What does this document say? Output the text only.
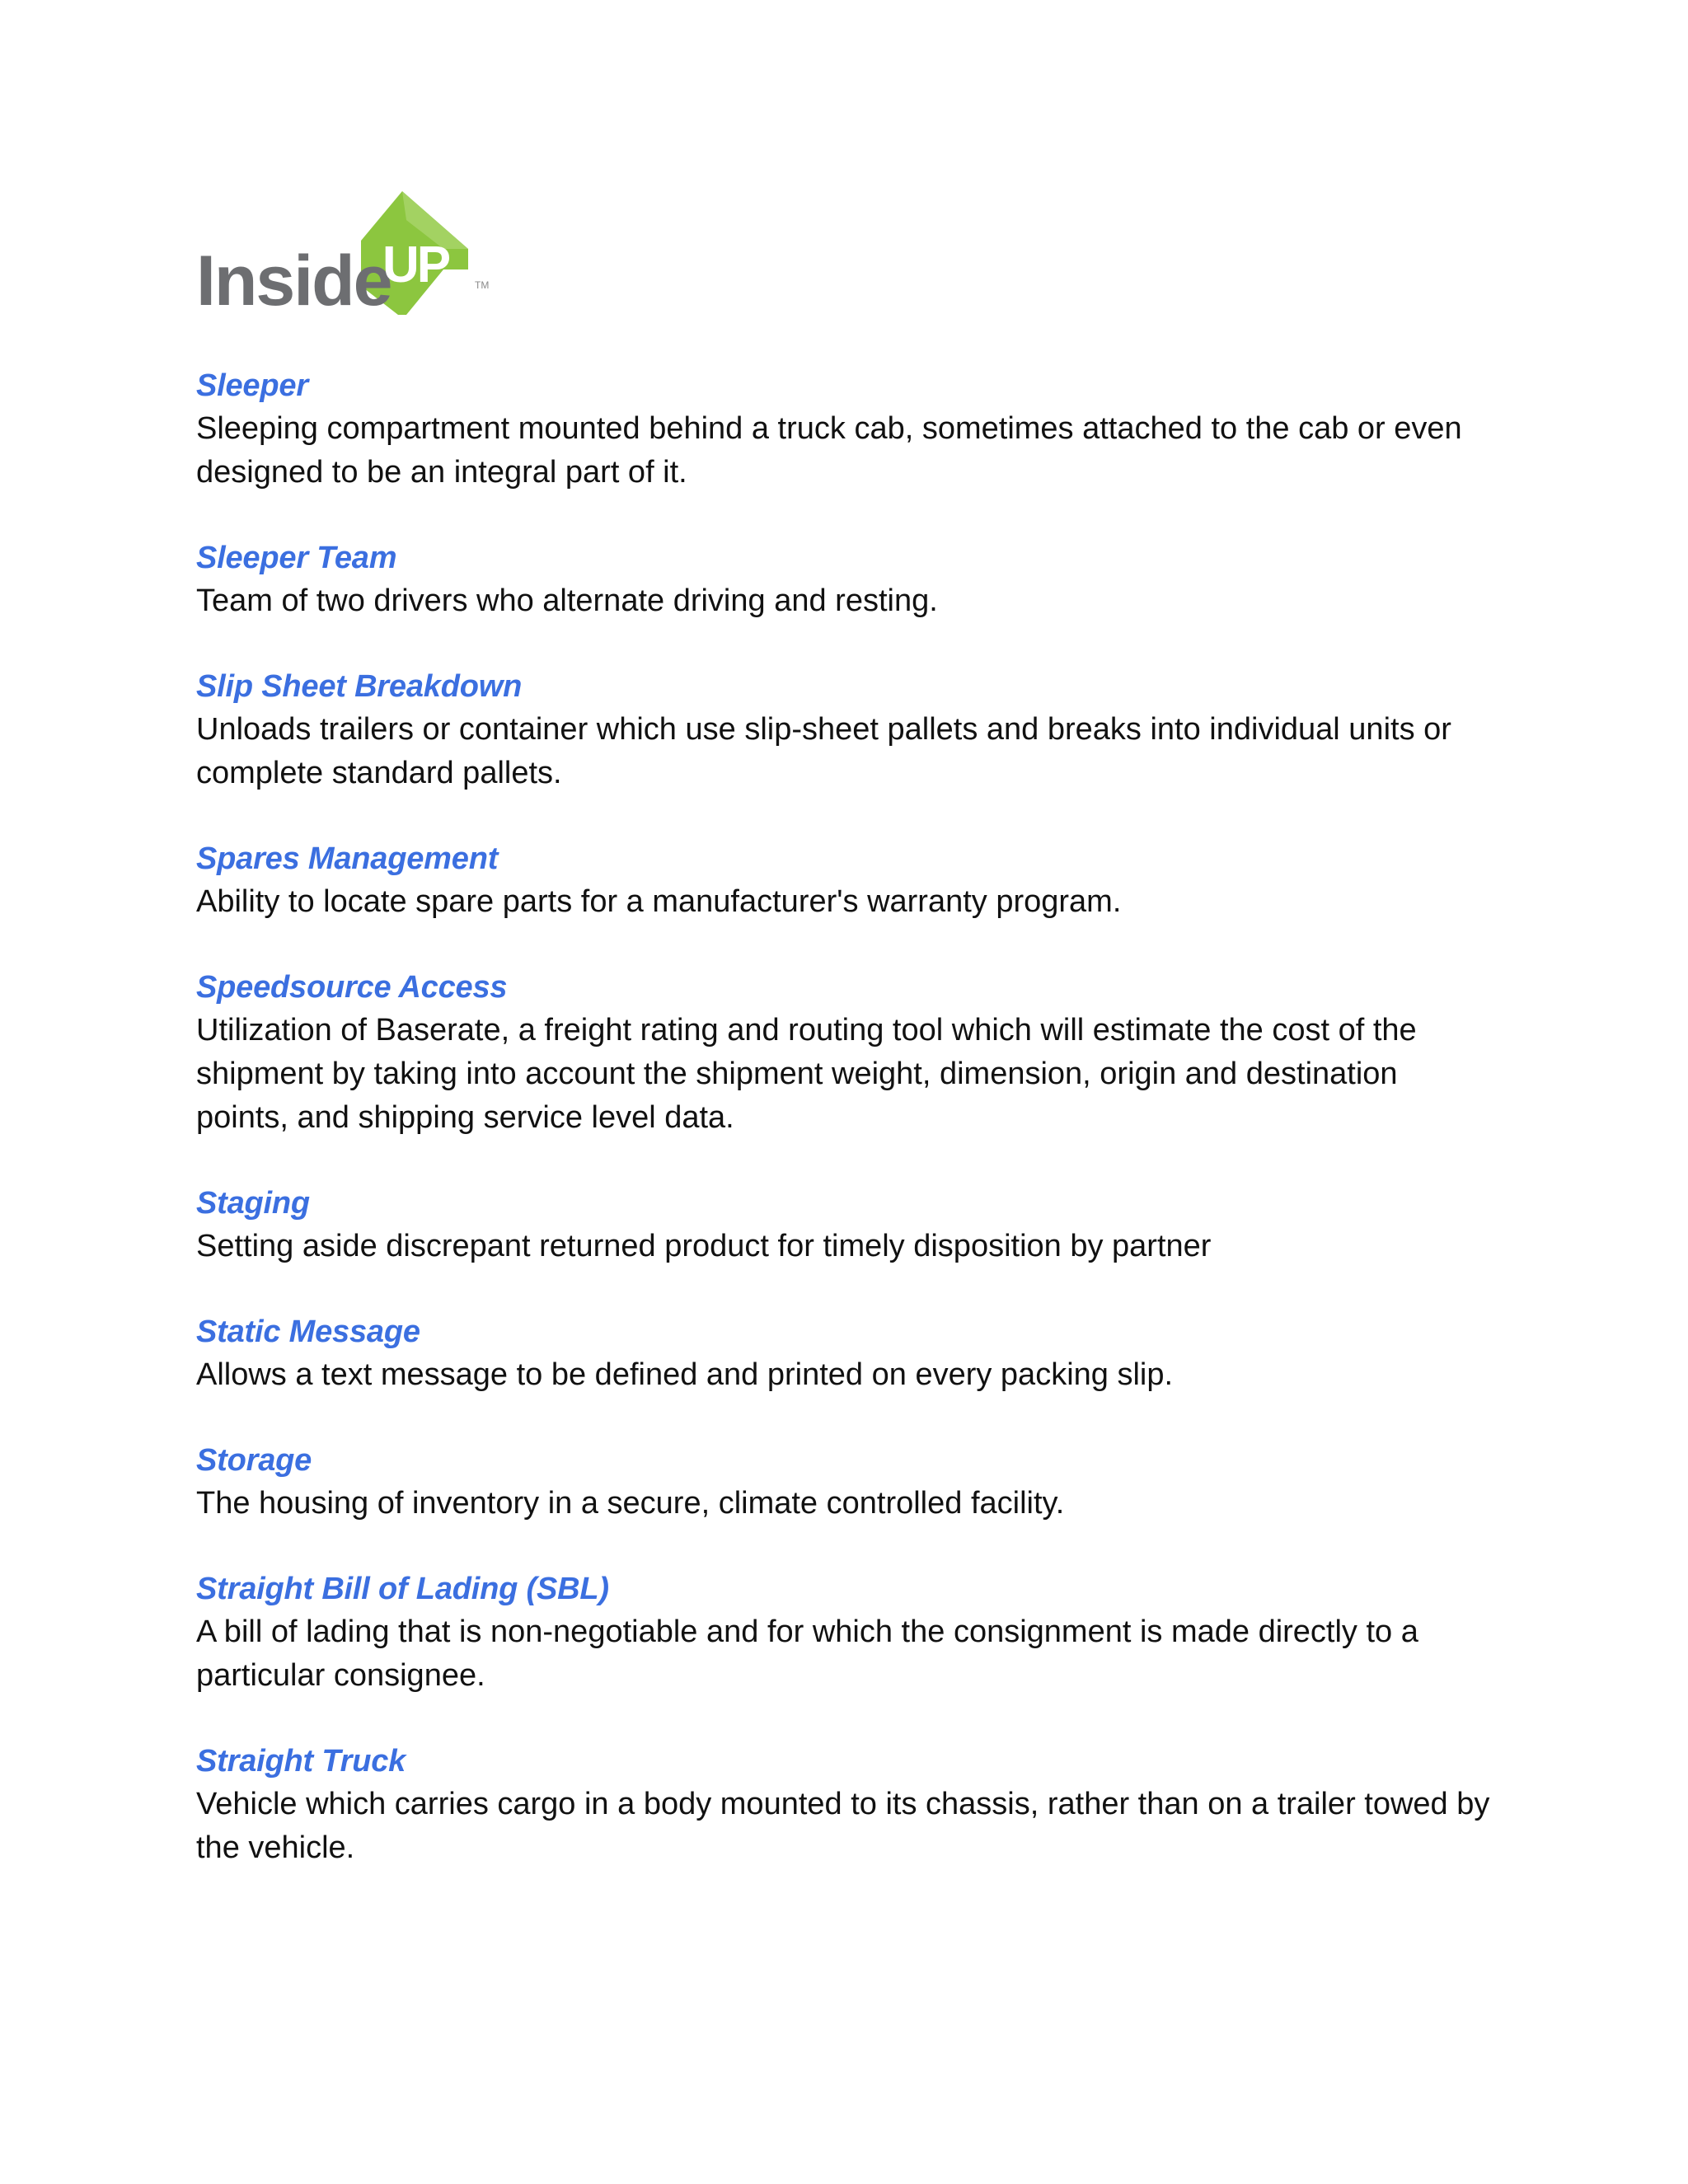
Inside
UP	TM
Sleeper

Sleeping compartment mounted behind a truck cab, sometimes attached to the cab or even designed to be an integral part of it.

Sleeper Team

Team of two drivers who alternate driving and resting.

Slip Sheet Breakdown

Unloads trailers or container which use slip-sheet pallets and breaks into individual units or complete standard pallets.

Spares Management

Ability to locate spare parts for a manufacturer's warranty program.

Speedsource Access

Utilization of Baserate, a freight rating and routing tool which will estimate the cost of the shipment by taking into account the shipment weight, dimension, origin and destination points, and shipping service level data.

Staging

Setting aside discrepant returned product for timely disposition by partner

Static Message

Allows a text message to be defined and printed on every packing slip.

Storage

The housing of inventory in a secure, climate controlled facility.

Straight Bill of Lading (SBL)

A bill of lading that is non-negotiable and for which the consignment is made directly to a particular consignee.

Straight Truck

Vehicle which carries cargo in a body mounted to its chassis, rather than on a trailer towed by the vehicle.
